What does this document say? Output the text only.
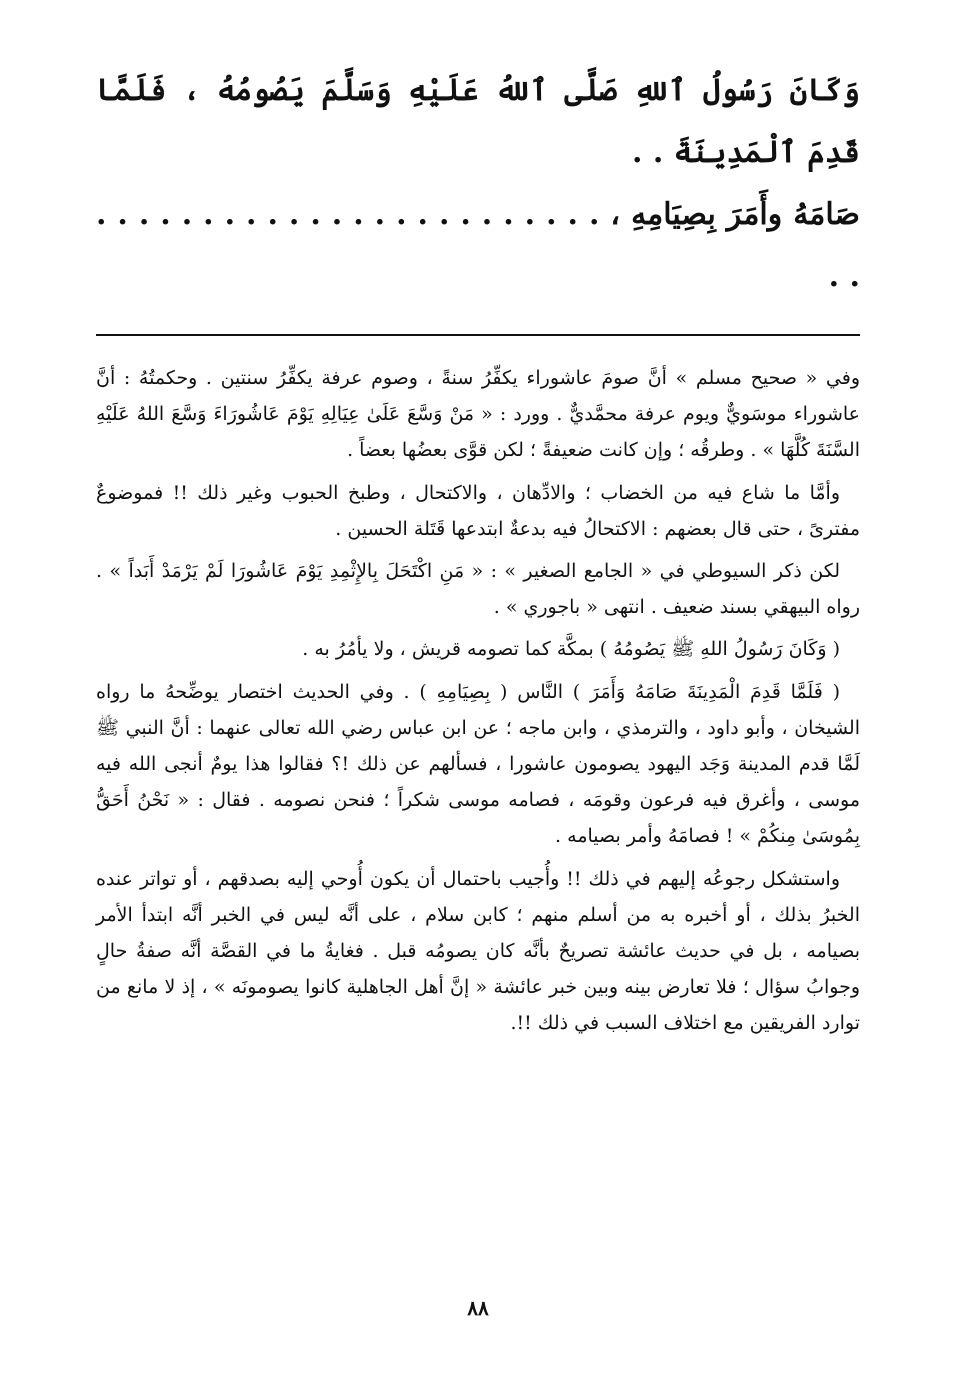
وَكَانَ رَسُولُ ٱللهِ صَلَّى ٱللهُ عَلَيْهِ وَسَلَّمَ يَصُومُهُ ، فَلَمَّا قَدِمَ ٱلْمَدِينَةَ . .
صَامَهُ وأَمَرَ بِصِيَامِهِ ، . . . . . . . . . . . . . . . . . . . . . . . . . .

وفي « صحيح مسلم » أنَّ صومَ عاشوراء يكفِّرُ سنةً ، وصوم عرفة يكفِّرُ سنتين . وحكمتُهُ : أنَّ عاشوراء موسَويٌّ ويوم عرفة محمَّديٌّ . وورد : « مَنْ وَسَّعَ عَلَىٰ عِيَالِهِ يَوْمَ عَاشُورَاءَ وَسَّعَ اللهُ عَلَيْهِ السَّنَةَ كُلَّهَا » . وطرقُه ؛ وإن كانت ضعيفةً ؛ لكن قوَّى بعضُها بعضاً .

وأمَّا ما شاع فيه من الخضاب ؛ والادِّهان ، والاكتحال ، وطبخ الحبوب وغير ذلك !! فموضوعٌ مفترىً ، حتى قال بعضهم : الاكتحالُ فيه بدعةٌ ابتدعها قَتَلة الحسين .

لكن ذكر السيوطي في « الجامع الصغير » : « مَنِ اكْتَحَلَ بِالإِثْمِدِ يَوْمَ عَاشُورَا لَمْ يَرْمَدْ أَبَداً » . رواه البيهقي بسند ضعيف . انتهى « باجوري » .

( وَكَانَ رَسُولُ اللهِ ﷺ يَصُومُهُ ) بمكَّة كما تصومه قريش ، ولا يأمُرُ به .

( فَلَمَّا قَدِمَ الْمَدِينَةَ صَامَهُ وَأَمَرَ ) النَّاس ( بِصِيَامِهِ ) . وفي الحديث اختصار يوضِّحهُ ما رواه الشيخان ، وأبو داود ، والترمذي ، وابن ماجه ؛ عن ابن عباس رضي الله تعالى عنهما : أنَّ النبي ﷺ لَمَّا قدم المدينة وَجَد اليهود يصومون عاشورا ، فسألهم عن ذلك !؟ فقالوا هذا يومٌ أنجى الله فيه موسى ، وأغرق فيه فرعون وقومَه ، فصامه موسى شكراً ؛ فنحن نصومه . فقال : « نَحْنُ أَحَقُّ بِمُوسَىٰ مِنكُمْ » ! فصامَهُ وأمر بصيامه .

واستشكل رجوعُه إليهم في ذلك !! وأُجيب باحتمال أن يكون أُوحي إليه بصدقهم ، أو تواتر عنده الخبرُ بذلك ، أو أخبره به من أسلم منهم ؛ كابن سلام ، على أنَّه ليس في الخبر أنَّه ابتدأ الأمر بصيامه ، بل في حديث عائشة تصريحٌ بأنَّه كان يصومُه قبل . فغايةُ ما في القصَّة أنَّه صفةُ حالٍ وجوابُ سؤال ؛ فلا تعارض بينه وبين خبر عائشة « إنَّ أهل الجاهلية كانوا يصومونَه » ، إذ لا مانع من توارد الفريقين مع اختلاف السبب في ذلك !!.

٨٨
